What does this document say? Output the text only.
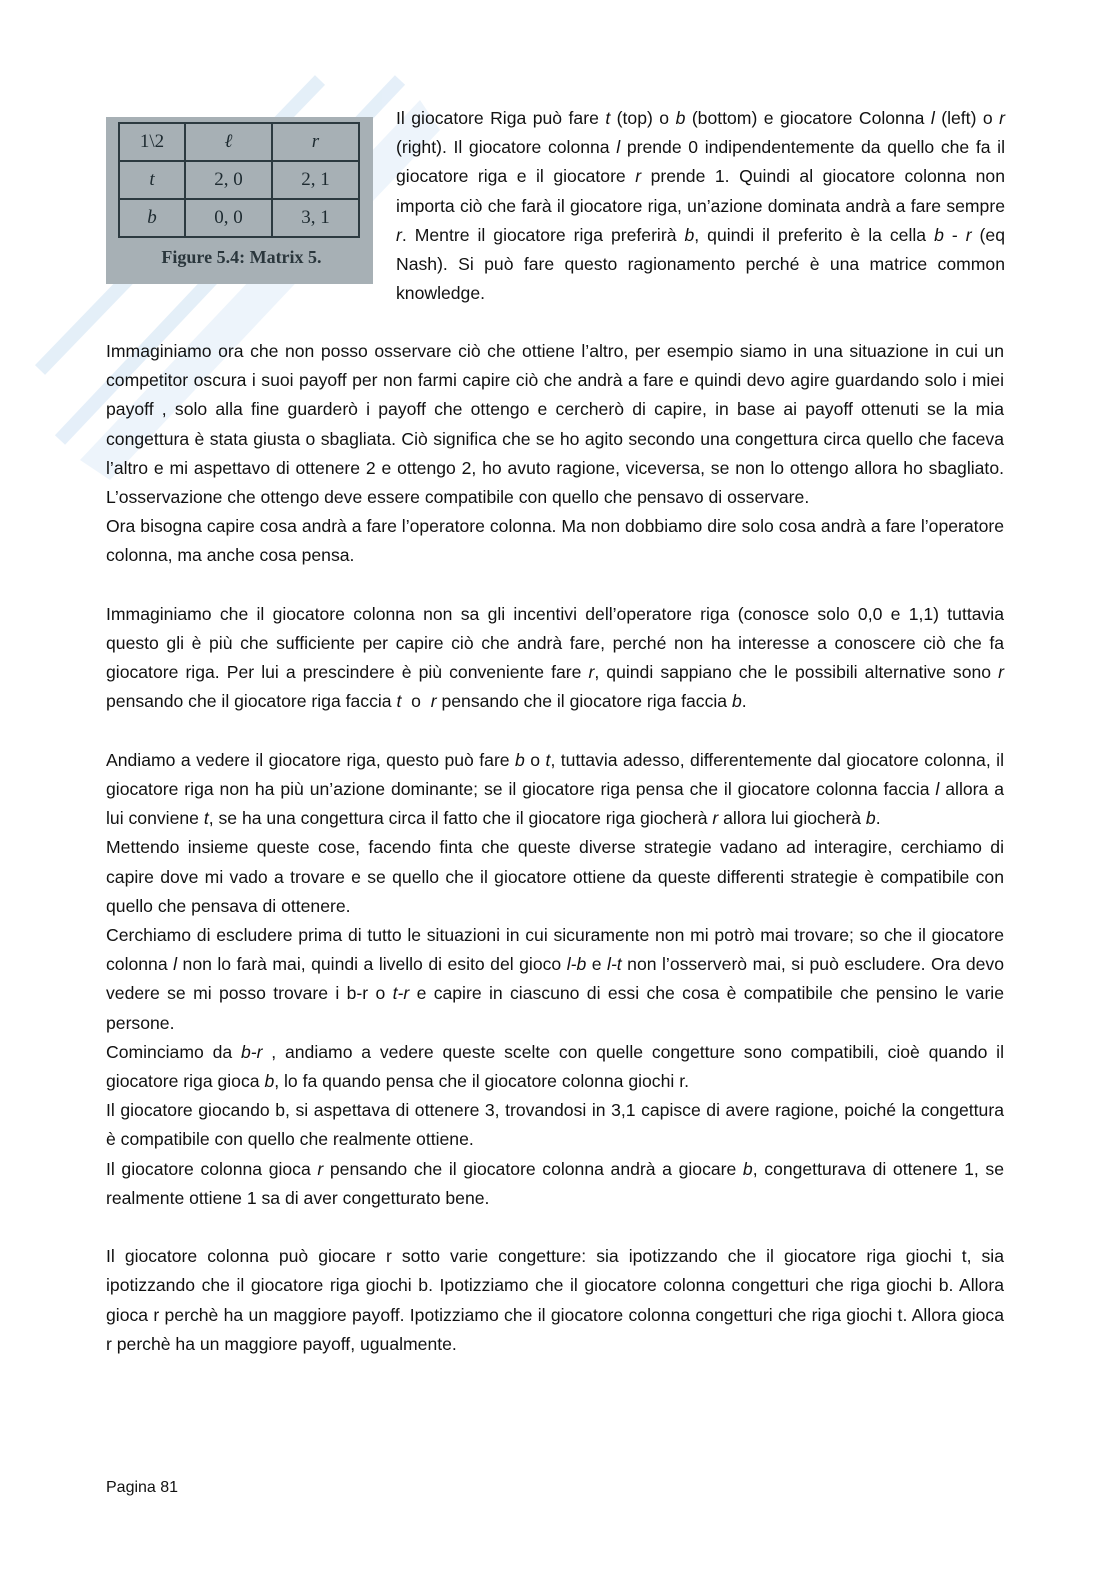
1\2	ℓ	r
t	2, 0	2, 1
b	0, 0	3, 1
Figure 5.4: Matrix 5.

Il giocatore Riga può fare t (top) o b (bottom) e giocatore Colonna l (left) o r (right). Il giocatore colonna l prende 0 indipendentemente da quello che fa il giocatore riga e il giocatore r prende 1. Quindi al giocatore colonna non importa ciò che farà il giocatore riga, un’azione dominata andrà a fare sempre r. Mentre il giocatore riga preferirà b, quindi il preferito è la cella b - r (eq Nash). Si può fare questo ragionamento perché è una matrice common knowledge.

Immaginiamo ora che non posso osservare ciò che ottiene l’altro, per esempio siamo in una situazione in cui un competitor oscura i suoi payoff per non farmi capire ciò che andrà a fare e quindi devo agire guardando solo i miei payoff , solo alla fine guarderò i payoff che ottengo e cercherò di capire, in base ai payoff ottenuti se la mia congettura è stata giusta o sbagliata. Ciò significa che se ho agito secondo una congettura circa quello che faceva l’altro e mi aspettavo di ottenere 2 e ottengo 2, ho avuto ragione, viceversa, se non lo ottengo allora ho sbagliato. L’osservazione che ottengo deve essere compatibile con quello che pensavo di osservare.

Ora bisogna capire cosa andrà a fare l’operatore colonna. Ma non dobbiamo dire solo cosa andrà a fare l’operatore colonna, ma anche cosa pensa.

Immaginiamo che il giocatore colonna non sa gli incentivi dell’operatore riga (conosce solo 0,0 e 1,1) tuttavia questo gli è più che sufficiente per capire ciò che andrà fare, perché non ha interesse a conoscere ciò che fa giocatore riga. Per lui a prescindere è più conveniente fare r, quindi sappiano che le possibili alternative sono r pensando che il giocatore riga faccia t  o  r pensando che il giocatore riga faccia b.

Andiamo a vedere il giocatore riga, questo può fare b o t, tuttavia adesso, differentemente dal giocatore colonna, il giocatore riga non ha più un’azione dominante; se il giocatore riga pensa che il giocatore colonna faccia l allora a lui conviene t, se ha una congettura circa il fatto che il giocatore riga giocherà r allora lui giocherà b.

Mettendo insieme queste cose, facendo finta che queste diverse strategie vadano ad interagire, cerchiamo di capire dove mi vado a trovare e se quello che il giocatore ottiene da queste differenti strategie è compatibile con quello che pensava di ottenere.

Cerchiamo di escludere prima di tutto le situazioni in cui sicuramente non mi potrò mai trovare; so che il giocatore colonna l non lo farà mai, quindi a livello di esito del gioco l-b e l-t non l’osserverò mai, si può escludere. Ora devo vedere se mi posso trovare i b-r o t-r e capire in ciascuno di essi che cosa è compatibile che pensino le varie persone.

Cominciamo da b-r , andiamo a vedere queste scelte con quelle congetture sono compatibili, cioè quando il giocatore riga gioca b, lo fa quando pensa che il giocatore colonna giochi r.

Il giocatore giocando b, si aspettava di ottenere 3, trovandosi in 3,1 capisce di avere ragione, poiché la congettura è compatibile con quello che realmente ottiene.

Il giocatore colonna gioca r pensando che il giocatore colonna andrà a giocare b, congetturava di ottenere 1, se realmente ottiene 1 sa di aver congetturato bene.

Il giocatore colonna può giocare r sotto varie congetture: sia ipotizzando che il giocatore riga giochi t, sia ipotizzando che il giocatore riga giochi b. Ipotizziamo che il giocatore colonna congetturi che riga giochi b. Allora gioca r perchè ha un maggiore payoff. Ipotizziamo che il giocatore colonna congetturi che riga giochi t. Allora gioca r perchè ha un maggiore payoff, ugualmente.

Pagina 81
